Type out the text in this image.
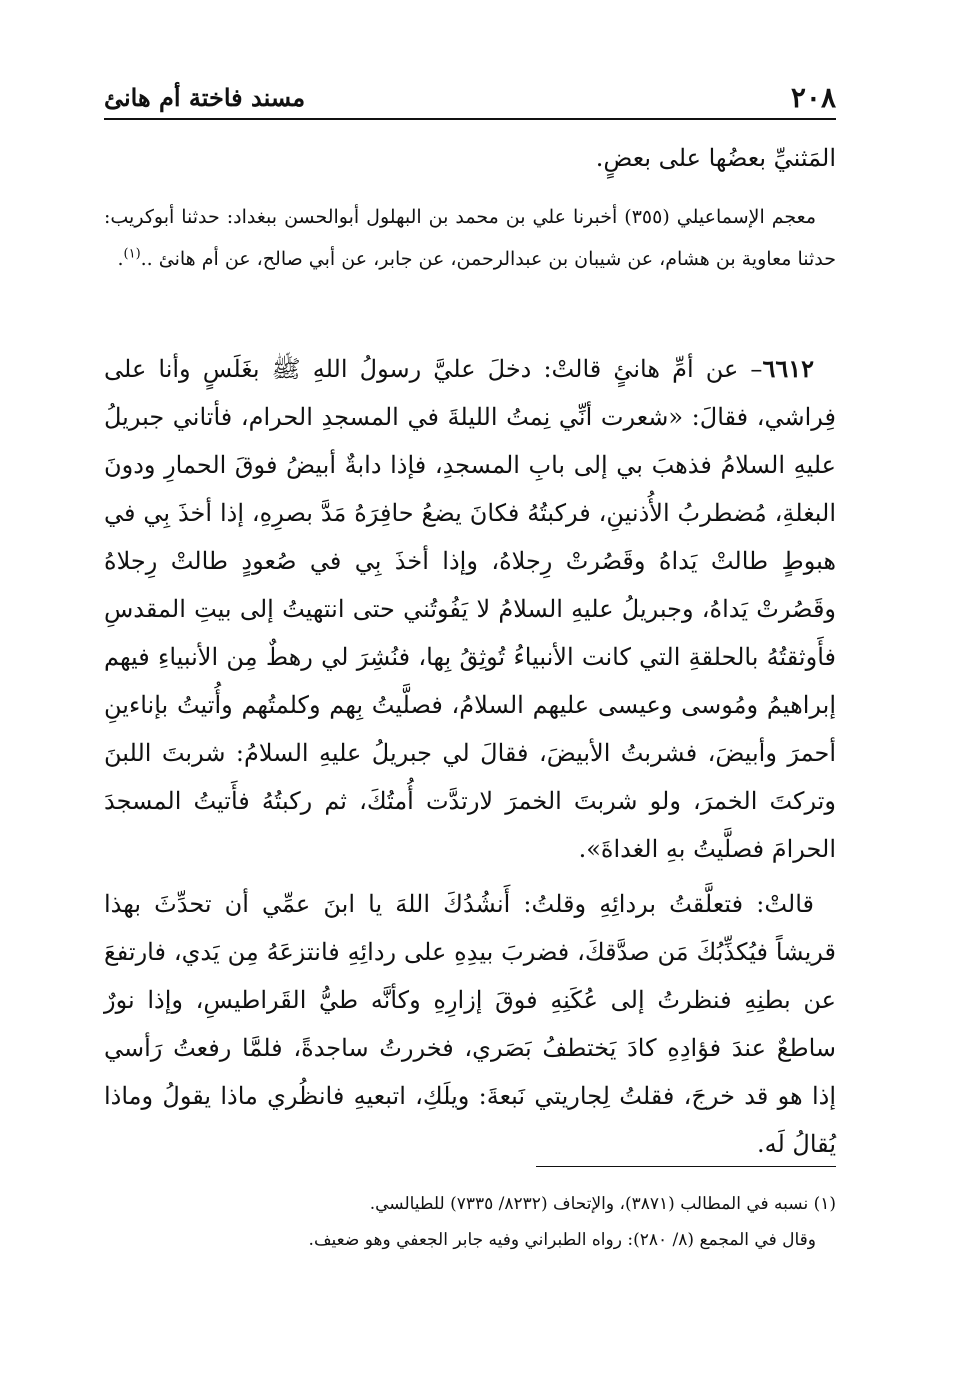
٢٠٨
مسند فاختة أم هانئ

المَثنيِّ بعضُها على بعضٍ.

معجم الإسماعيلي (٣٥٥) أخبرنا علي بن محمد بن البهلول أبوالحسن ببغداد: حدثنا أبوكريب: حدثنا معاوية بن هشام، عن شيبان بن عبدالرحمن، عن جابر، عن أبي صالح، عن أم هانئ ..$^{(١)}$.

٦٦١٢– عن أمِّ هانئٍ قالتْ: دخلَ عليَّ رسولُ اللهِ ﷺ بغَلَسٍ وأنا على فِراشي، فقالَ: «شعرت أنِّي نِمتُ الليلةَ في المسجدِ الحرام، فأتاني جبريلُ عليهِ السلامُ فذهبَ بي إلى بابِ المسجدِ، فإذا دابةٌ أبيضُ فوقَ الحمارِ ودونَ البغلةِ، مُضطربُ الأُذنينِ، فركبتُهُ فكانَ يضعُ حافِرَهُ مَدَّ بصرِهِ، إذا أخذَ بِي في هبوطٍ طالتْ يَداهُ وقَصُرتْ رِجلاهُ، وإذا أخذَ بِي في صُعودٍ طالتْ رِجلاهُ وقَصُرتْ يَداهُ، وجبريلُ عليهِ السلامُ لا يَفُوتُني حتى انتهيتُ إلى بيتِ المقدسِ فأَوثقتُهُ بالحلقةِ التي كانت الأنبياءُ تُوثِقُ بِها، فنُشِرَ لي رهطٌ مِن الأنبياءِ فيهم إبراهيمُ ومُوسى وعيسى عليهم السلامُ، فصلَّيتُ بِهم وكلمتُهم وأُتيتُ بإناءينِ أحمرَ وأبيضَ، فشربتُ الأبيضَ، فقالَ لي جبريلُ عليهِ السلامُ: شربتَ اللبنَ وتركتَ الخمرَ، ولو شربتَ الخمرَ لارتدَّت أُمتُكَ، ثم ركبتُهُ فأَتيتُ المسجدَ الحرامَ فصلَّيتُ بهِ الغداةَ».

قالتْ: فتعلَّقتُ بردائِهِ وقلتُ: أَنشُدُكَ اللهَ يا ابنَ عمِّي أن تحدِّثَ بهذا قريشاً فيُكذِّبُكَ مَن صدَّقكَ، فضربَ بيدِهِ على ردائِهِ فانتزعَهُ مِن يَدي، فارتفعَ عن بطنِهِ فنظرتُ إلى عُكَنِهِ فوقَ إزارِهِ وكأنَّه طيُّ القَراطيسِ، وإذا نورٌ ساطعٌ عندَ فؤادِهِ كادَ يَختطفُ بَصَري، فخررتُ ساجدةً، فلمَّا رفعتُ رَأسي إذا هو قد خرجَ، فقلتُ لِجاريتي نَبعةَ: ويلَكِ، اتبعيهِ فانظُري ماذا يقولُ وماذا يُقالُ لَه.

(١) نسبه في المطالب (٣٨٧١)، والإتحاف (٨٢٣٢/ ٧٣٣٥) للطيالسي.

وقال في المجمع (٨/ ٢٨٠): رواه الطبراني وفيه جابر الجعفي وهو ضعيف.
